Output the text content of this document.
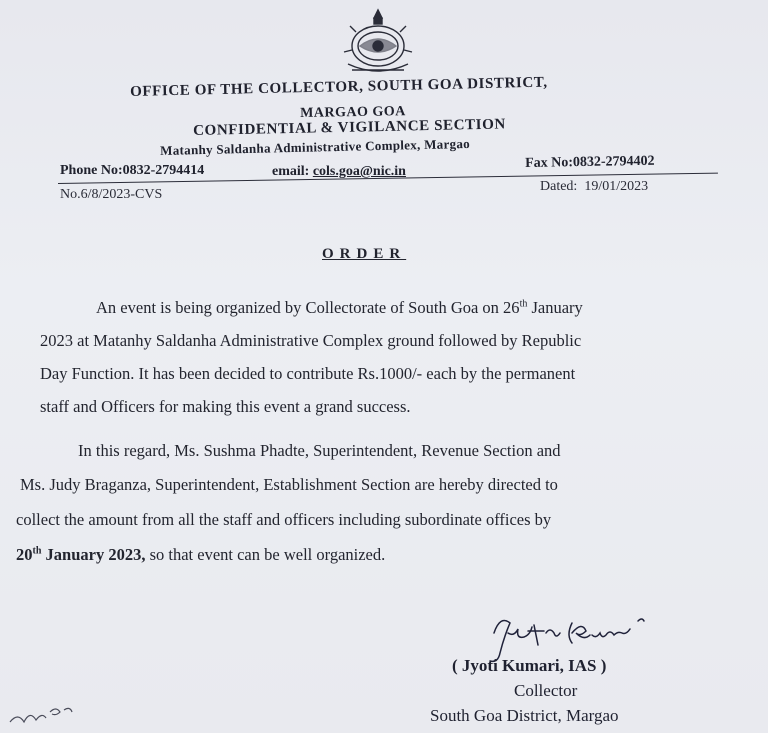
OFFICE OF THE COLLECTOR, SOUTH GOA DISTRICT,
MARGAO GOA
CONFIDENTIAL & VIGILANCE SECTION
Matanhy Saldanha Administrative Complex, Margao
Phone No:0832-2794414	email: cols.goa@nic.in
Fax No:0832-2794402
No.6/8/2023-CVS
Dated: 19/01/2023
ORDER
An event is being organized by Collectorate of South Goa on 26th January
2023 at Matanhy Saldanha Administrative Complex ground followed by Republic
Day Function. It has been decided to contribute Rs.1000/- each by the permanent
staff and Officers for making this event a grand success.
In this regard, Ms. Sushma Phadte, Superintendent, Revenue Section and
Ms. Judy Braganza, Superintendent, Establishment Section are hereby directed to
collect the amount from all the staff and officers including subordinate offices by
20th January 2023, so that event can be well organized.
( Jyoti Kumari, IAS )
Collector
South Goa District, Margao
